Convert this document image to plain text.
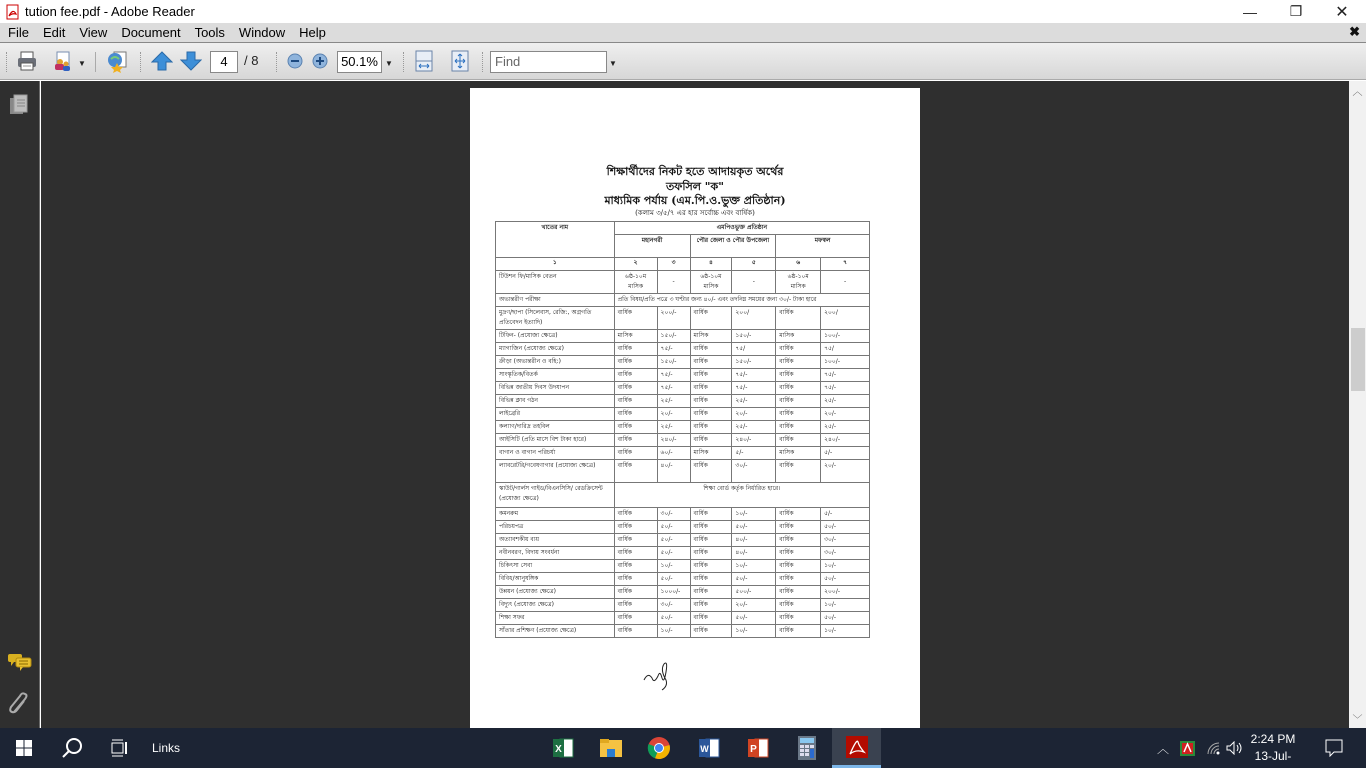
tution fee.pdf - Adobe Reader	— ❐ ✕
File	Edit	View	Document	Tools	Window	Help	✖
▼	4	/ 8	50.1% ▼	Find	▼
শিক্ষার্থীদের নিকট হতে আদায়কৃত অর্থের
তফসিল "ক"
মাধ্যমিক পর্যায় (এম.পি.ও.ভুক্ত প্রতিষ্ঠান)
(কলাম ৩/৫/৭ এর হার সর্বোচ্চ এবং বার্ষিক)
খাতের নাম	এমপিওভুক্ত প্রতিষ্ঠান					
	মহানগরী		পৌর জেলা ও পৌর উপজেলা		মফস্বল	
১	২	৩	৪	৫	৬	৭
টিউশন ফি/মাসিক বেতন	৬ষ্ঠ-১০ম মাসিক	-	৬ষ্ঠ-১০ম মাসিক	-	৬ষ্ঠ-১০ম মাসিক	-
অভ্যন্তরীণ পরীক্ষা	প্রতি বিষয়/প্রতি পত্রে ৩ ঘণ্টার জন্য ৪০/- এবং তদনিম্ন সময়ের জন্য ৩০/- টাকা হারে					
মুদ্রণ/ছাপা (সিলেবাস, রেজি:, অগ্রগতি প্রতিবেদন ইত্যাদি)	বার্ষিক	২০০/-	বার্ষিক	২০০/	বার্ষিক	২০০/
টিফিন- (প্রযোজ্য ক্ষেত্রে)	মাসিক	১৫০/-	মাসিক	১৫০/-	মাসিক	১০০/-
ম্যাগাজিন (প্রযোজ্য ক্ষেত্রে)	বার্ষিক	৭৫/-	বার্ষিক	৭৫/	বার্ষিক	৭৫/
ক্রীড়া (অভ্যন্তরীন ও বহি:)	বার্ষিক	১৫০/-	বার্ষিক	১৫০/-	বার্ষিক	১০০/-
সাংস্কৃতিক/বিতর্ক	বার্ষিক	৭৫/-	বার্ষিক	৭৫/-	বার্ষিক	৭৫/-
বিভিন্ন জাতীয় দিবস উদযাপন	বার্ষিক	৭৫/-	বার্ষিক	৭৫/-	বার্ষিক	৭৫/-
বিভিন্ন ক্লাব গঠন	বার্ষিক	২৫/-	বার্ষিক	২৫/-	বার্ষিক	২৫/-
লাইব্রেরি	বার্ষিক	২০/-	বার্ষিক	২০/-	বার্ষিক	২০/-
কল্যাণ/দারিদ্র তহবিল	বার্ষিক	২৫/-	বার্ষিক	২৫/-	বার্ষিক	২৫/-
আইসিটি (প্রতি মাসে বিশ টাকা হারে)	বার্ষিক	২৪০/-	বার্ষিক	২৪০/-	বার্ষিক	২৪০/-
বাগান ও বাগান পরিচর্যা	বার্ষিক	৬০/-	মাসিক	৫/-	মাসিক	৫/-
ল্যাবরেটরি/গবেষণাগার (প্রযোজ্য ক্ষেত্রে)	বার্ষিক	৪০/-	বার্ষিক	৩০/-	বার্ষিক	২০/-
স্কাউট/গার্লস গাইড/বিএনসিসি/ রেডক্রিসেন্ট (প্রযোজ্য ক্ষেত্রে)	শিক্ষা বোর্ড কর্তৃক নির্ধারিত হারে।					
কমনরুম	বার্ষিক	৩০/-	বার্ষিক	১০/-	বার্ষিক	৫/-
পরিচয়পত্র	বার্ষিক	৫০/-	বার্ষিক	৫০/-	বার্ষিক	৫০/-
অত্যাবশকীয় ব্যয়	বার্ষিক	৫০/-	বার্ষিক	৪০/-	বার্ষিক	৩০/-
নবীনবরণ, বিদায় সংবর্ধনা	বার্ষিক	৫০/-	বার্ষিক	৪০/-	বার্ষিক	৩০/-
চিকিৎসা সেবা	বার্ষিক	১০/-	বার্ষিক	১০/-	বার্ষিক	১০/-
বিবিধ/আনুষঙ্গিক	বার্ষিক	৫০/-	বার্ষিক	৫০/-	বার্ষিক	৫০/-
উন্নয়ন (প্রযোজ্য ক্ষেত্রে)	বার্ষিক	১০০০/-	বার্ষিক	৫০০/-	বার্ষিক	২০০/-
বিদ্যুৎ (প্রযোজ্য ক্ষেত্রে)	বার্ষিক	৩০/-	বার্ষিক	২০/-	বার্ষিক	১০/-
শিক্ষা সফর	বার্ষিক	৫০/-	বার্ষিক	৫০/-	বার্ষিক	৫০/-
সাঁতার প্রশিক্ষণ (প্রযোজ্য ক্ষেত্রে)	বার্ষিক	১০/-	বার্ষিক	১০/-	বার্ষিক	১০/-
︿
﹀
Links	X	W	P	︿
2:24 PM
13-Jul-25
